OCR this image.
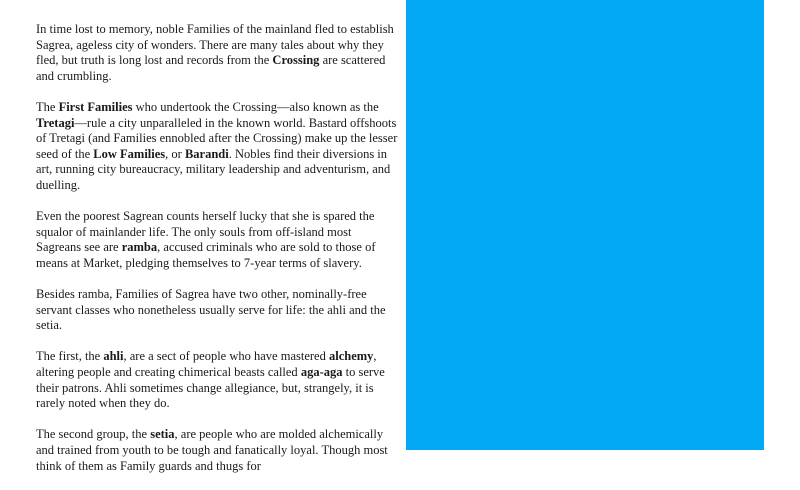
In time lost to memory, noble Families of the mainland fled to establish Sagrea, ageless city of wonders. There are many tales about why they fled, but truth is long lost and records from the Crossing are scattered and crumbling.

The First Families who undertook the Crossing—also known as the Tretagi—rule a city unparalleled in the known world. Bastard offshoots of Tretagi (and Families ennobled after the Crossing) make up the lesser seed of the Low Families, or Barandi. Nobles find their diversions in art, running city bureaucracy, military leadership and adventurism, and duelling.

Even the poorest Sagrean counts herself lucky that she is spared the squalor of mainlander life. The only souls from off-island most Sagreans see are ramba, accused criminals who are sold to those of means at Market, pledging themselves to 7-year terms of slavery.

Besides ramba, Families of Sagrea have two other, nominally-free servant classes who nonetheless usually serve for life: the ahli and the setia.

The first, the ahli, are a sect of people who have mastered alchemy, altering people and creating chimerical beasts called aga-aga to serve their patrons. Ahli sometimes change allegiance, but, strangely, it is rarely noted when they do.

The second group, the setia, are people who are molded alchemically and trained from youth to be tough and fanatically loyal. Though most think of them as Family guards and thugs for
